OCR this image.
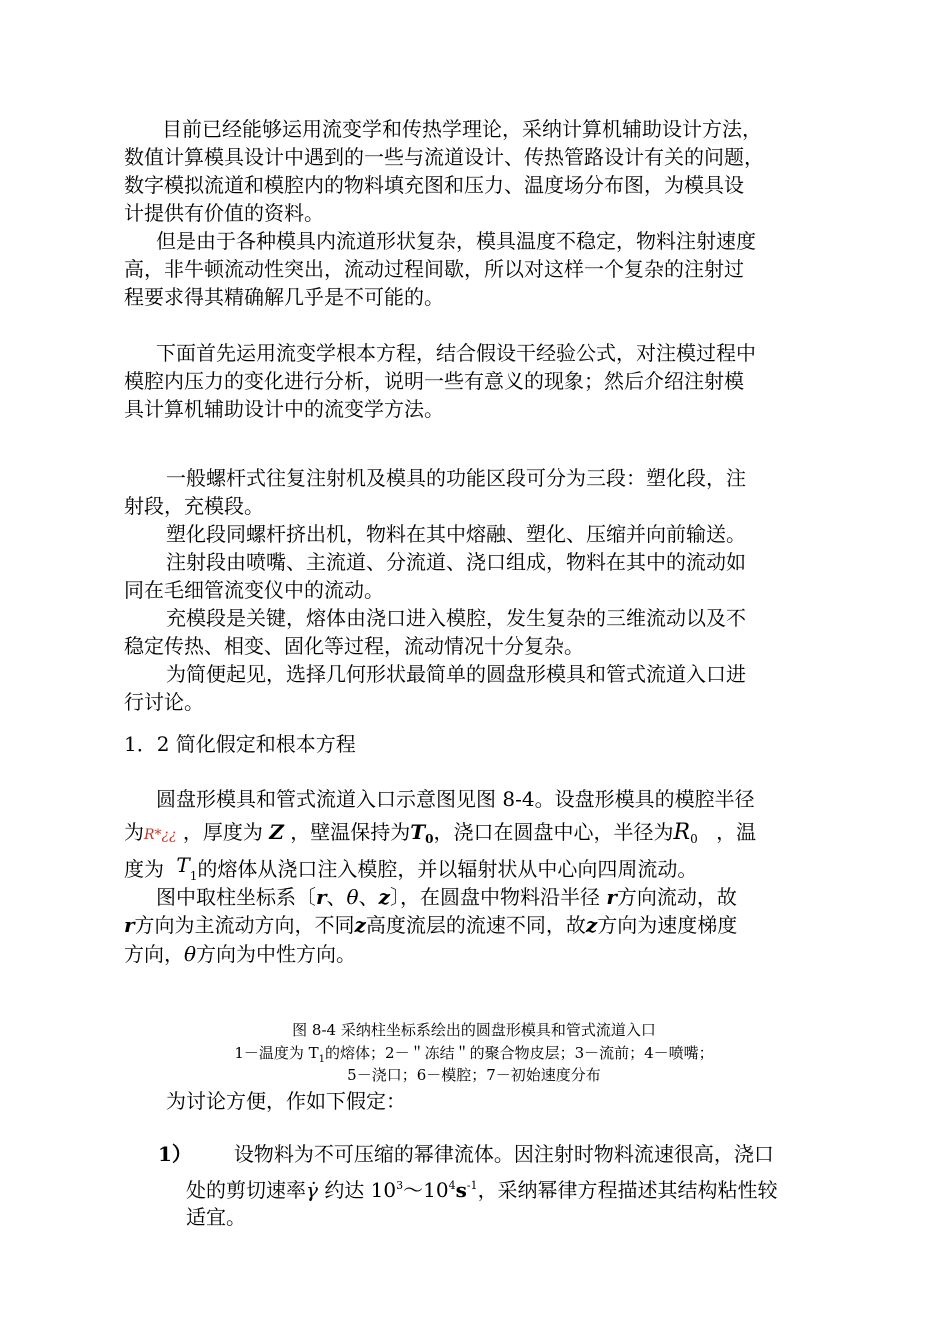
目前已经能够运用流变学和传热学理论，采纳计算机辅助设计方法，
数值计算模具设计中遇到的一些与流道设计、传热管路设计有关的问题，
数字模拟流道和模腔内的物料填充图和压力、温度场分布图，为模具设
计提供有价值的资料。
但是由于各种模具内流道形状复杂，模具温度不稳定，物料注射速度
高，非牛顿流动性突出，流动过程间歇，所以对这样一个复杂的注射过
程要求得其精确解几乎是不可能的。
下面首先运用流变学根本方程，结合假设干经验公式，对注模过程中
模腔内压力的变化进行分析，说明一些有意义的现象；然后介绍注射模
具计算机辅助设计中的流变学方法。
一般螺杆式往复注射机及模具的功能区段可分为三段：塑化段，注
射段，充模段。
塑化段同螺杆挤出机，物料在其中熔融、塑化、压缩并向前输送。
注射段由喷嘴、主流道、分流道、浇口组成，物料在其中的流动如
同在毛细管流变仪中的流动。
充模段是关键，熔体由浇口进入模腔，发生复杂的三维流动以及不
稳定传热、相变、固化等过程，流动情况十分复杂。
为简便起见，选择几何形状最简单的圆盘形模具和管式流道入口进
行讨论。
1．2 简化假定和根本方程
圆盘形模具和管式流道入口示意图见图 8-4。设盘形模具的模腔半径
为R*¿¿ ，厚度为 Z ，壁温保持为$T_0$，浇口在圆盘中心，半径为$R_0$ ，温
度为 $T_1$的熔体从浇口注入模腔，并以辐射状从中心向四周流动。
图中取柱坐标系〔r、θ、z〕，在圆盘中物料沿半径 r方向流动，故
r方向为主流动方向，不同z高度流层的流速不同，故z方向为速度梯度
方向，θ方向为中性方向。
图 8-4 采纳柱坐标系绘出的圆盘形模具和管式流道入口
1－温度为 $T_1$的熔体；2－＂冻结＂的聚合物皮层；3－流前；4－喷嘴；
5－浇口；6－模腔；7－初始速度分布
为讨论方便，作如下假定：
1） 设物料为不可压缩的幂律流体。因注射时物料流速很高，浇口
处的剪切速率γ̇ 约达 $10^3\sim 10^4s^{-1}$，采纳幂律方程描述其结构粘性较
适宜。
